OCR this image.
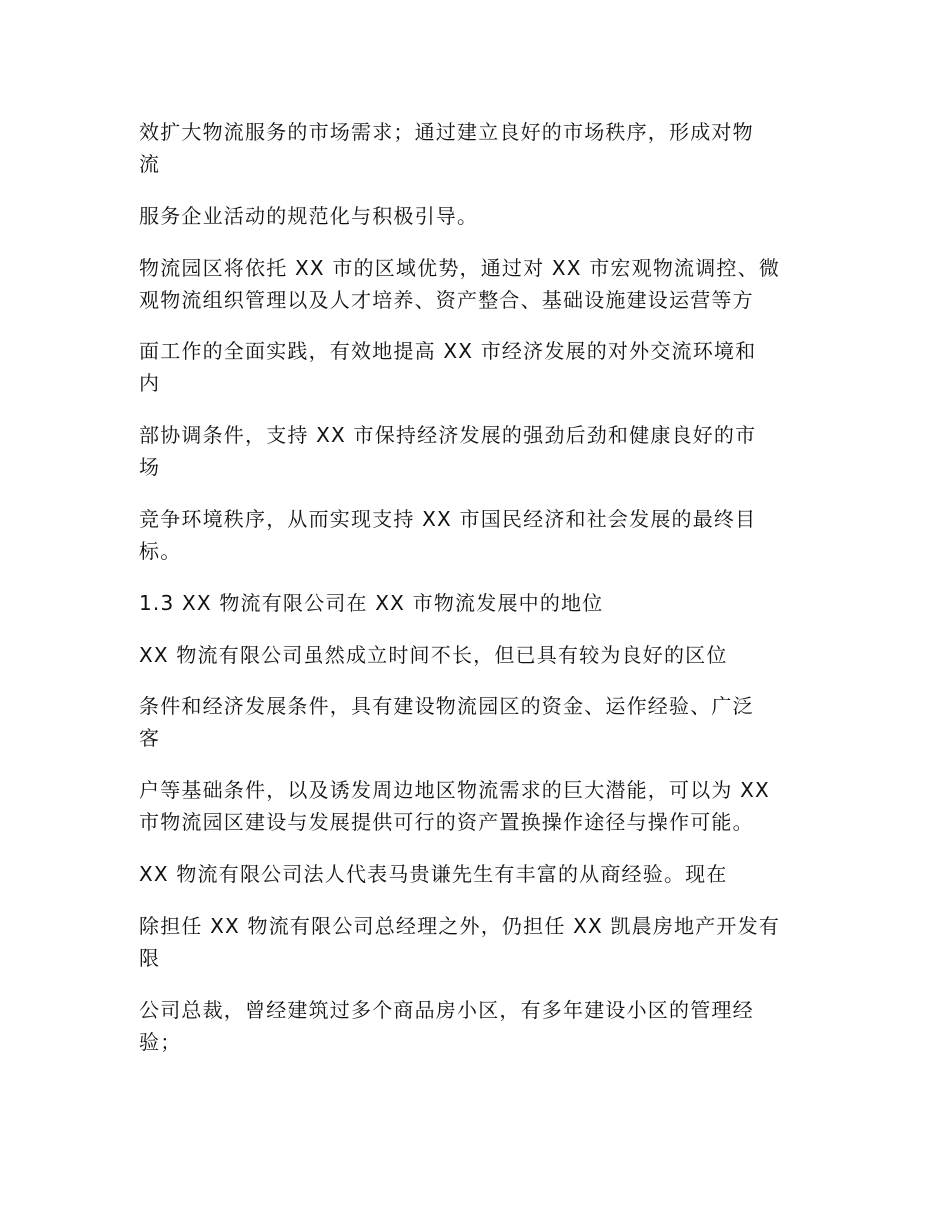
效扩大物流服务的市场需求；通过建立良好的市场秩序，形成对物
流

服务企业活动的规范化与积极引导。

物流园区将依托 XX 市的区域优势，通过对 XX 市宏观物流调控、微
观物流组织管理以及人才培养、资产整合、基础设施建设运营等方

面工作的全面实践，有效地提高 XX 市经济发展的对外交流环境和
内

部协调条件，支持 XX 市保持经济发展的强劲后劲和健康良好的市
场

竞争环境秩序，从而实现支持 XX 市国民经济和社会发展的最终目
标。

1.3 XX 物流有限公司在 XX 市物流发展中的地位

XX 物流有限公司虽然成立时间不长，但已具有较为良好的区位

条件和经济发展条件，具有建设物流园区的资金、运作经验、广泛
客

户等基础条件，以及诱发周边地区物流需求的巨大潜能，可以为 XX
市物流园区建设与发展提供可行的资产置换操作途径与操作可能。

XX 物流有限公司法人代表马贵谦先生有丰富的从商经验。现在

除担任 XX 物流有限公司总经理之外，仍担任 XX 凯晨房地产开发有
限

公司总裁，曾经建筑过多个商品房小区，有多年建设小区的管理经
验；
